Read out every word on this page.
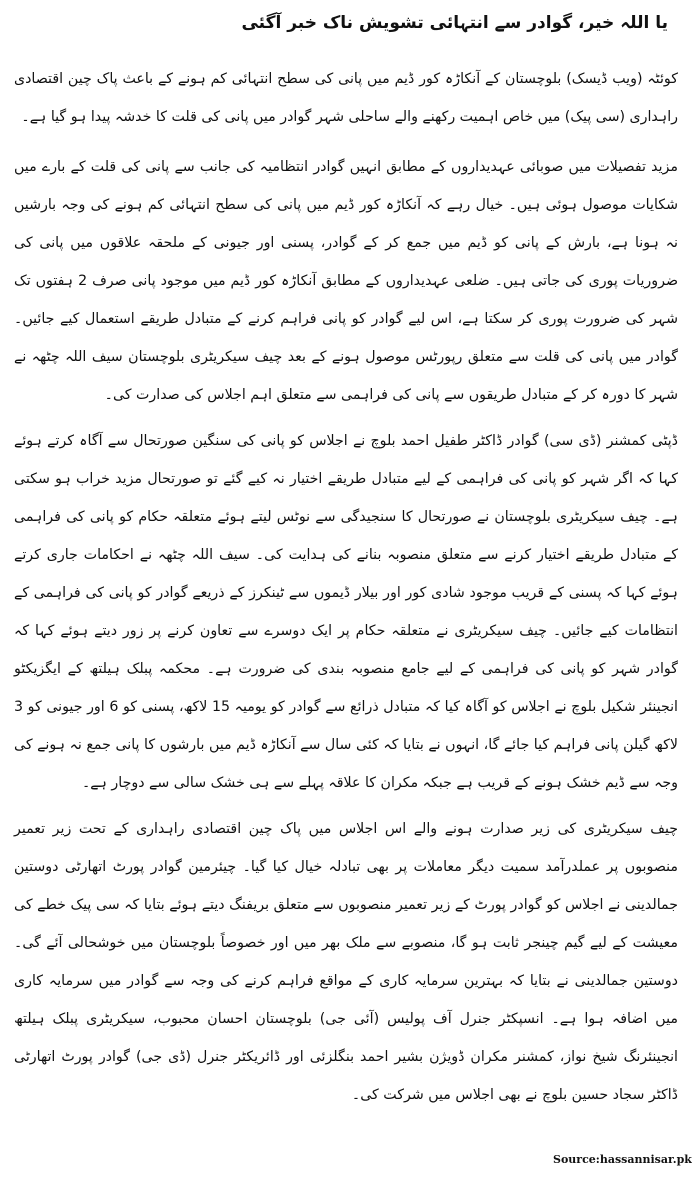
یا اللہ خیر، گوادر سے انتہائی تشویش ناک خبر آگئی

کوئٹہ (ویب ڈیسک) بلوچستان کے آنکاڑہ کور ڈیم میں پانی کی سطح انتہائی کم ہونے کے باعث پاک چین اقتصادی راہداری (سی پیک) میں خاص اہمیت رکھنے والے ساحلی شہر گوادر میں پانی کی قلت کا خدشہ پیدا ہو گیا ہے۔

مزید تفصیلات میں صوبائی عہدیداروں کے مطابق انہیں گوادر انتظامیہ کی جانب سے پانی کی قلت کے بارے میں شکایات موصول ہوئی ہیں۔ خیال رہے کہ آنکاڑہ کور ڈیم میں پانی کی سطح انتہائی کم ہونے کی وجہ بارشیں نہ ہونا ہے، بارش کے پانی کو ڈیم میں جمع کر کے گوادر، پسنی اور جیونی کے ملحقہ علاقوں میں پانی کی ضروریات پوری کی جاتی ہیں۔ ضلعی عہدیداروں کے مطابق آنکاڑہ کور ڈیم میں موجود پانی صرف 2 ہفتوں تک شہر کی ضرورت پوری کر سکتا ہے، اس لیے گوادر کو پانی فراہم کرنے کے متبادل طریقے استعمال کیے جائیں۔ گوادر میں پانی کی قلت سے متعلق رپورٹس موصول ہونے کے بعد چیف سیکریٹری بلوچستان سیف اللہ چٹھہ نے شہر کا دورہ کر کے متبادل طریقوں سے پانی کی فراہمی سے متعلق اہم اجلاس کی صدارت کی۔

ڈپٹی کمشنر (ڈی سی) گوادر ڈاکٹر طفیل احمد بلوچ نے اجلاس کو پانی کی سنگین صورتحال سے آگاہ کرتے ہوئے کہا کہ اگر شہر کو پانی کی فراہمی کے لیے متبادل طریقے اختیار نہ کیے گئے تو صورتحال مزید خراب ہو سکتی ہے۔ چیف سیکریٹری بلوچستان نے صورتحال کا سنجیدگی سے نوٹس لیتے ہوئے متعلقہ حکام کو پانی کی فراہمی کے متبادل طریقے اختیار کرنے سے متعلق منصوبہ بنانے کی ہدایت کی۔ سیف اللہ چٹھہ نے احکامات جاری کرتے ہوئے کہا کہ پسنی کے قریب موجود شادی کور اور بیلار ڈیموں سے ٹینکرز کے ذریعے گوادر کو پانی کی فراہمی کے انتظامات کیے جائیں۔ چیف سیکریٹری نے متعلقہ حکام پر ایک دوسرے سے تعاون کرنے پر زور دیتے ہوئے کہا کہ گوادر شہر کو پانی کی فراہمی کے لیے جامع منصوبہ بندی کی ضرورت ہے۔ محکمہ پبلک ہیلتھ کے ایگزیکٹو انجینئر شکیل بلوچ نے اجلاس کو آگاہ کیا کہ متبادل ذرائع سے گوادر کو یومیہ 15 لاکھ، پسنی کو 6 اور جیونی کو 3 لاکھ گیلن پانی فراہم کیا جائے گا، انہوں نے بتایا کہ کئی سال سے آنکاڑہ ڈیم میں بارشوں کا پانی جمع نہ ہونے کی وجہ سے ڈیم خشک ہونے کے قریب ہے جبکہ مکران کا علاقہ پہلے سے ہی خشک سالی سے دوچار ہے۔

چیف سیکریٹری کی زیر صدارت ہونے والے اس اجلاس میں پاک چین اقتصادی راہداری کے تحت زیر تعمیر منصوبوں پر عملدرآمد سمیت دیگر معاملات پر بھی تبادلہ خیال کیا گیا۔ چیئرمین گوادر پورٹ اتھارٹی دوستین جمالدینی نے اجلاس کو گوادر پورٹ کے زیر تعمیر منصوبوں سے متعلق بریفنگ دیتے ہوئے بتایا کہ سی پیک خطے کی معیشت کے لیے گیم چینجر ثابت ہو گا، منصوبے سے ملک بھر میں اور خصوصاً بلوچستان میں خوشحالی آئے گی۔ دوستین جمالدینی نے بتایا کہ بہترین سرمایہ کاری کے مواقع فراہم کرنے کی وجہ سے گوادر میں سرمایہ کاری میں اضافہ ہوا ہے۔ انسپکٹر جنرل آف پولیس (آئی جی) بلوچستان احسان محبوب، سیکریٹری پبلک ہیلتھ انجینئرنگ شیخ نواز، کمشنر مکران ڈویژن بشیر احمد بنگلزئی اور ڈائریکٹر جنرل (ڈی جی) گوادر پورٹ اتھارٹی ڈاکٹر سجاد حسین بلوچ نے بھی اجلاس میں شرکت کی۔

Source:hassannisar.pk
